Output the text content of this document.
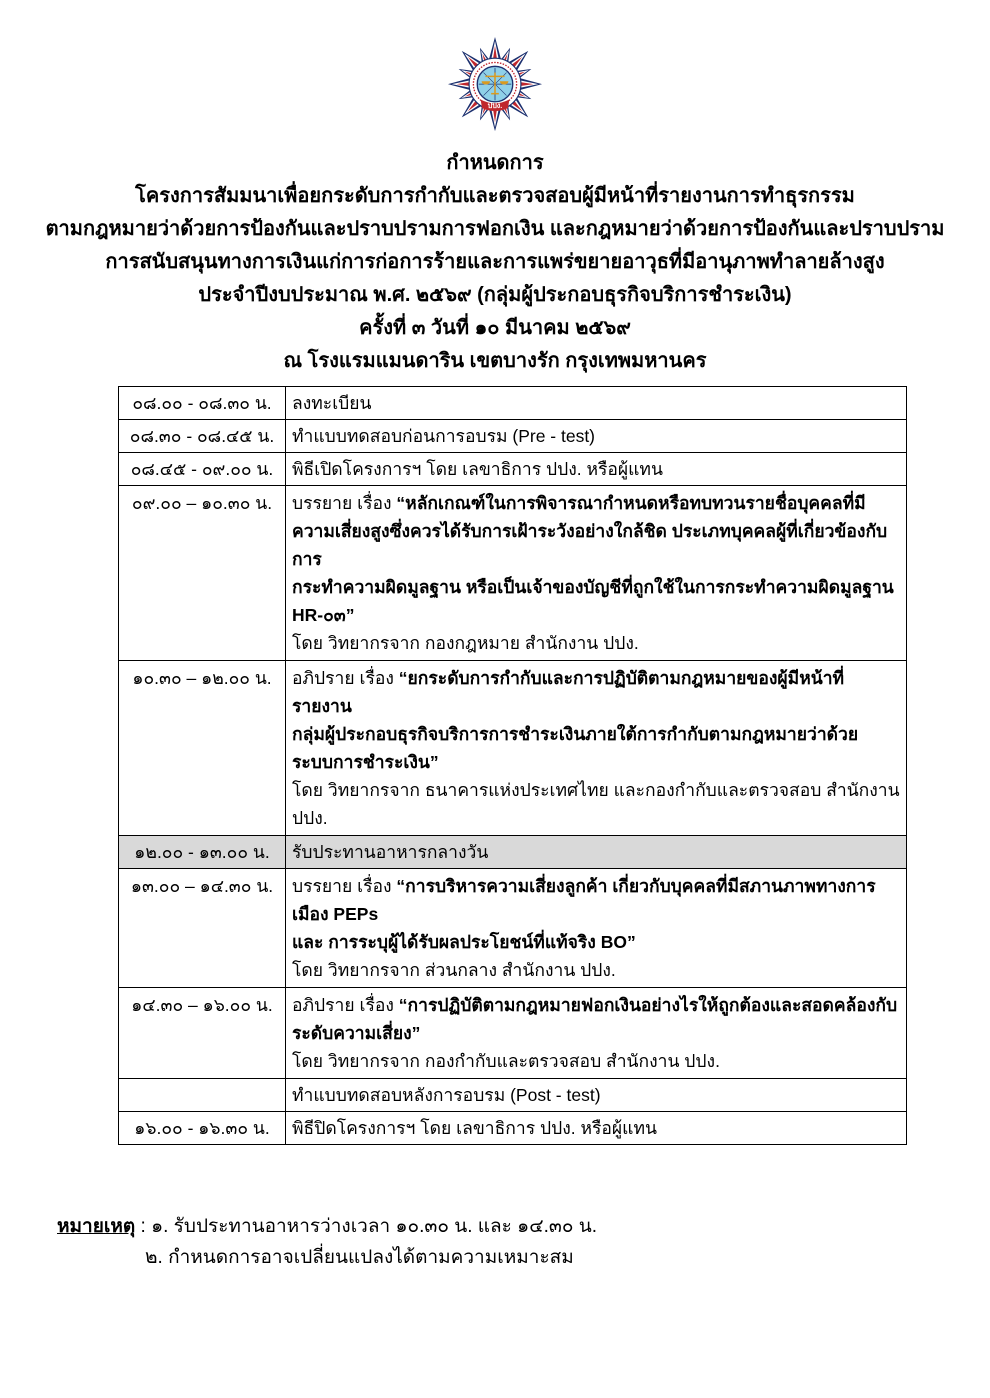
ปปง.
กำหนดการ
โครงการสัมมนาเพื่อยกระดับการกำกับและตรวจสอบผู้มีหน้าที่รายงานการทำธุรกรรม
ตามกฎหมายว่าด้วยการป้องกันและปราบปรามการฟอกเงิน และกฎหมายว่าด้วยการป้องกันและปราบปราม
การสนับสนุนทางการเงินแก่การก่อการร้ายและการแพร่ขยายอาวุธที่มีอานุภาพทำลายล้างสูง
ประจำปีงบประมาณ พ.ศ. ๒๕๖๙ (กลุ่มผู้ประกอบธุรกิจบริการชำระเงิน)
ครั้งที่ ๓ วันที่ ๑๐ มีนาคม ๒๕๖๙
ณ โรงแรมแมนดาริน เขตบางรัก กรุงเทพมหานคร
๐๘.๐๐ - ๐๘.๓๐ น.	ลงทะเบียน
๐๘.๓๐ - ๐๘.๔๕ น.	ทำแบบทดสอบก่อนการอบรม (Pre - test)
๐๘.๔๕ - ๐๙.๐๐ น.	พิธีเปิดโครงการฯ โดย เลขาธิการ ปปง. หรือผู้แทน
๐๙.๐๐ – ๑๐.๓๐ น.	บรรยาย เรื่อง “หลักเกณฑ์ในการพิจารณากำหนดหรือทบทวนรายชื่อบุคคลที่มี
ความเสี่ยงสูงซึ่งควรได้รับการเฝ้าระวังอย่างใกล้ชิด ประเภทบุคคลผู้ที่เกี่ยวข้องกับการ
กระทำความผิดมูลฐาน หรือเป็นเจ้าของบัญชีที่ถูกใช้ในการกระทำความผิดมูลฐาน HR-๐๓”
โดย วิทยากรจาก กองกฎหมาย สำนักงาน ปปง.

๑๐.๓๐ – ๑๒.๐๐ น.	อภิปราย เรื่อง “ยกระดับการกำกับและการปฏิบัติตามกฎหมายของผู้มีหน้าที่รายงาน
กลุ่มผู้ประกอบธุรกิจบริการการชำระเงินภายใต้การกำกับตามกฎหมายว่าด้วย
ระบบการชำระเงิน”
โดย วิทยากรจาก ธนาคารแห่งประเทศไทย และกองกำกับและตรวจสอบ สำนักงาน ปปง.

๑๒.๐๐ - ๑๓.๐๐ น.	รับประทานอาหารกลางวัน
๑๓.๐๐ – ๑๔.๓๐ น.	บรรยาย เรื่อง “การบริหารความเสี่ยงลูกค้า เกี่ยวกับบุคคลที่มีสภานภาพทางการเมือง PEPs
และ การระบุผู้ได้รับผลประโยชน์ที่แท้จริง BO”
โดย วิทยากรจาก ส่วนกลาง สำนักงาน ปปง.

๑๔.๓๐ – ๑๖.๐๐ น.	อภิปราย เรื่อง “การปฏิบัติตามกฎหมายฟอกเงินอย่างไรให้ถูกต้องและสอดคล้องกับ
ระดับความเสี่ยง”
โดย วิทยากรจาก กองกำกับและตรวจสอบ สำนักงาน ปปง.

	ทำแบบทดสอบหลังการอบรม (Post - test)
๑๖.๐๐ - ๑๖.๓๐ น.	พิธีปิดโครงการฯ โดย เลขาธิการ ปปง. หรือผู้แทน
หมายเหตุ : ๑. รับประทานอาหารว่างเวลา ๑๐.๓๐ น. และ ๑๔.๓๐ น.
๒. กำหนดการอาจเปลี่ยนแปลงได้ตามความเหมาะสม
